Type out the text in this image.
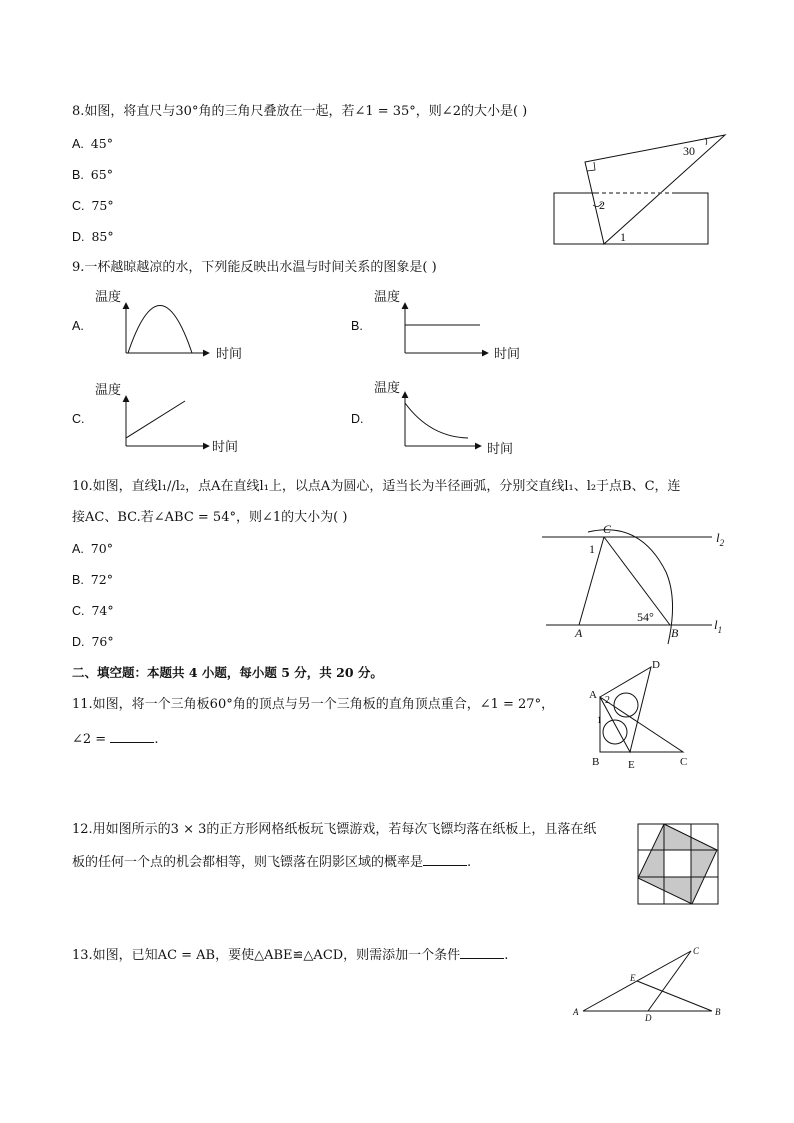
8.如图，将直尺与30°角的三角尺叠放在一起，若∠1 = 35°，则∠2的大小是( )
A. 45°
B. 65°
C. 75°
D. 85°
30
2
1
9.一杯越晾越凉的水，下列能反映出水温与时间关系的图象是( )
A.	B.
C.	D.
温度
时间
温度
时间
温度
时间
温度
时间
10.如图，直线l₁//l₂，点A在直线l₁上，以点A为圆心，适当长为半径画弧，分别交直线l₁、l₂于点B、C，连
接AC、BC.若∠ABC = 54°，则∠1的大小为( )
A. 70°
B. 72°
C. 74°
D. 76°
C
1
54°
A	B
$l_2$
$l_1$
二、填空题：本题共 4 小题，每小题 5 分，共 20 分。
11.如图，将一个三角板60°角的顶点与另一个三角板的直角顶点重合，∠1 = 27°，
∠2 =	.
D
A 2
1
B	E	C
12.用如图所示的3 × 3的正方形网格纸板玩飞镖游戏，若每次飞镖均落在纸板上，且落在纸
板的任何一个点的机会都相等，则飞镖落在阴影区域的概率是	.
13.如图，已知AC = AB，要使△ABE≌△ACD，则需添加一个条件	.	C
E
A
D
B
